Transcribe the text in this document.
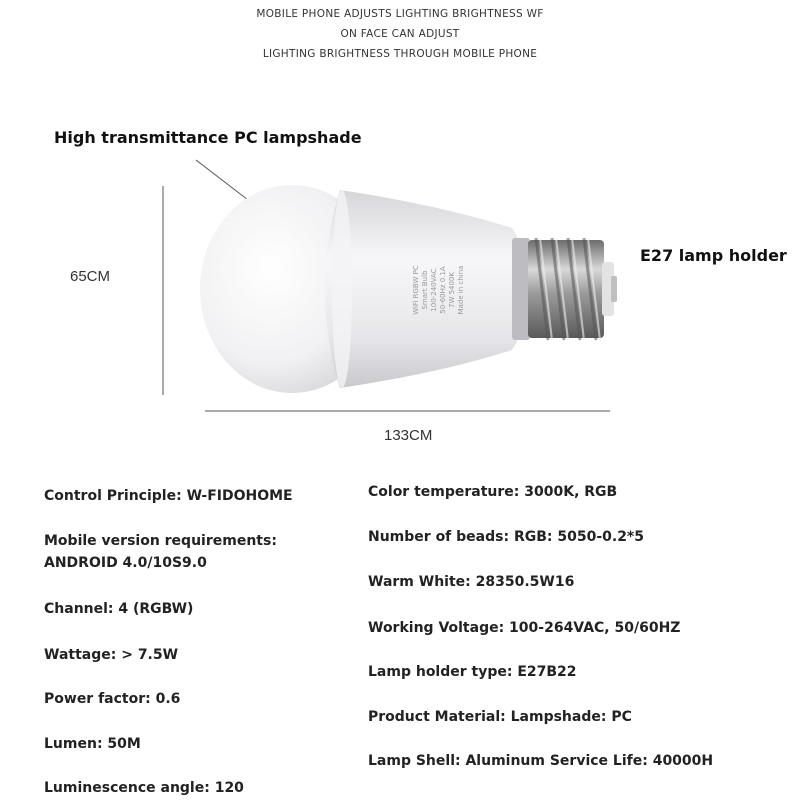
MOBILE PHONE ADJUSTS LIGHTING BRIGHTNESS WF
ON FACE CAN ADJUST
LIGHTING BRIGHTNESS THROUGH MOBILE PHONE
High transmittance PC lampshade
E27 lamp holder
65CM
133CM
WiFi RGBW PC Smart Bulb 100-240VAC 50-60Hz 0.1A 7W 5400K Made in china
Control Principle: W-FIDOHOME
Mobile version requirements:
ANDROID 4.0/10S9.0
Channel: 4 (RGBW)
Wattage: > 7.5W
Power factor: 0.6
Lumen: 50M
Luminescence angle: 120
Color temperature: 3000K, RGB
Number of beads: RGB: 5050-0.2*5
Warm White: 28350.5W16
Working Voltage: 100-264VAC, 50/60HZ
Lamp holder type: E27B22
Product Material: Lampshade: PC
Lamp Shell: Aluminum Service Life: 40000H
